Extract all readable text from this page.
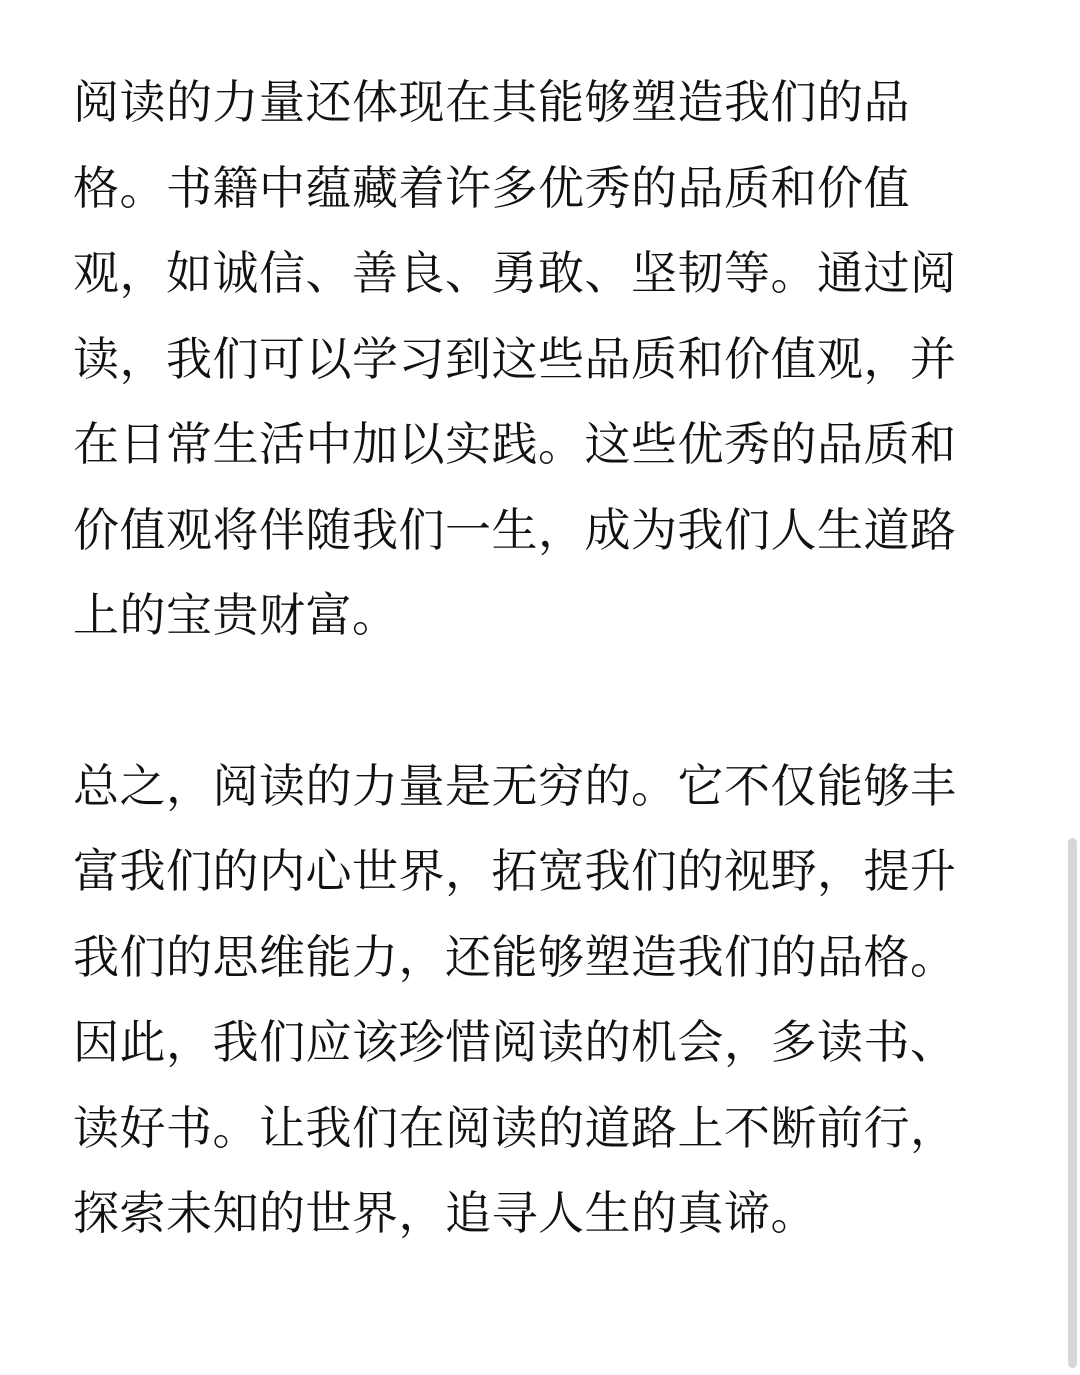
阅读的力量还体现在其能够塑造我们的品格。书籍中蕴藏着许多优秀的品质和价值观，如诚信、善良、勇敢、坚韧等。通过阅读，我们可以学习到这些品质和价值观，并在日常生活中加以实践。这些优秀的品质和价值观将伴随我们一生，成为我们人生道路上的宝贵财富。

总之，阅读的力量是无穷的。它不仅能够丰富我们的内心世界，拓宽我们的视野，提升我们的思维能力，还能够塑造我们的品格。因此，我们应该珍惜阅读的机会，多读书、读好书。让我们在阅读的道路上不断前行，探索未知的世界，追寻人生的真谛。
